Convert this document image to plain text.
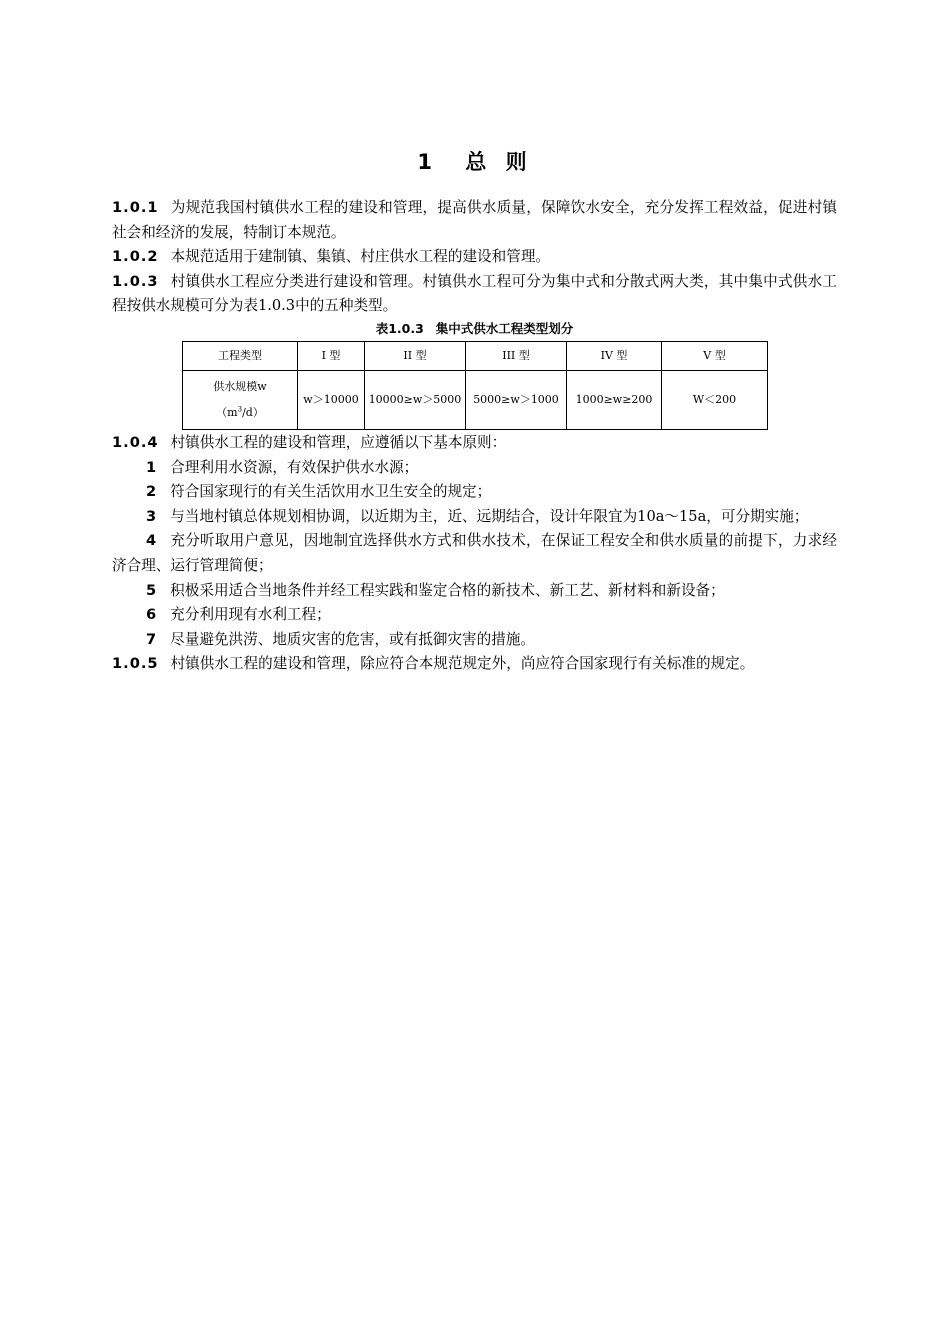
1 总 则

1.0.1 为规范我国村镇供水工程的建设和管理，提高供水质量，保障饮水安全，充分发挥工程效益，促进村镇社会和经济的发展，特制订本规范。

1.0.2 本规范适用于建制镇、集镇、村庄供水工程的建设和管理。

1.0.3 村镇供水工程应分类进行建设和管理。村镇供水工程可分为集中式和分散式两大类，其中集中式供水工程按供水规模可分为表1.0.3中的五种类型。

表1.0.3 集中式供水工程类型划分
工程类型	I 型	II 型	III 型	IV 型	V 型

供水规模w
$(m^3/d)$	w＞10000	10000≥w＞5000	5000≥w＞1000	1000≥w≥200	W＜200

1.0.4 村镇供水工程的建设和管理，应遵循以下基本原则：

1 合理利用水资源，有效保护供水水源；

2 符合国家现行的有关生活饮用水卫生安全的规定；

3 与当地村镇总体规划相协调，以近期为主，近、远期结合，设计年限宜为10a～15a，可分期实施；

4 充分听取用户意见，因地制宜选择供水方式和供水技术，在保证工程安全和供水质量的前提下，力求经济合理、运行管理简便；

5 积极采用适合当地条件并经工程实践和鉴定合格的新技术、新工艺、新材料和新设备；

6 充分利用现有水利工程；

7 尽量避免洪涝、地质灾害的危害，或有抵御灾害的措施。

1.0.5 村镇供水工程的建设和管理，除应符合本规范规定外，尚应符合国家现行有关标准的规定。
